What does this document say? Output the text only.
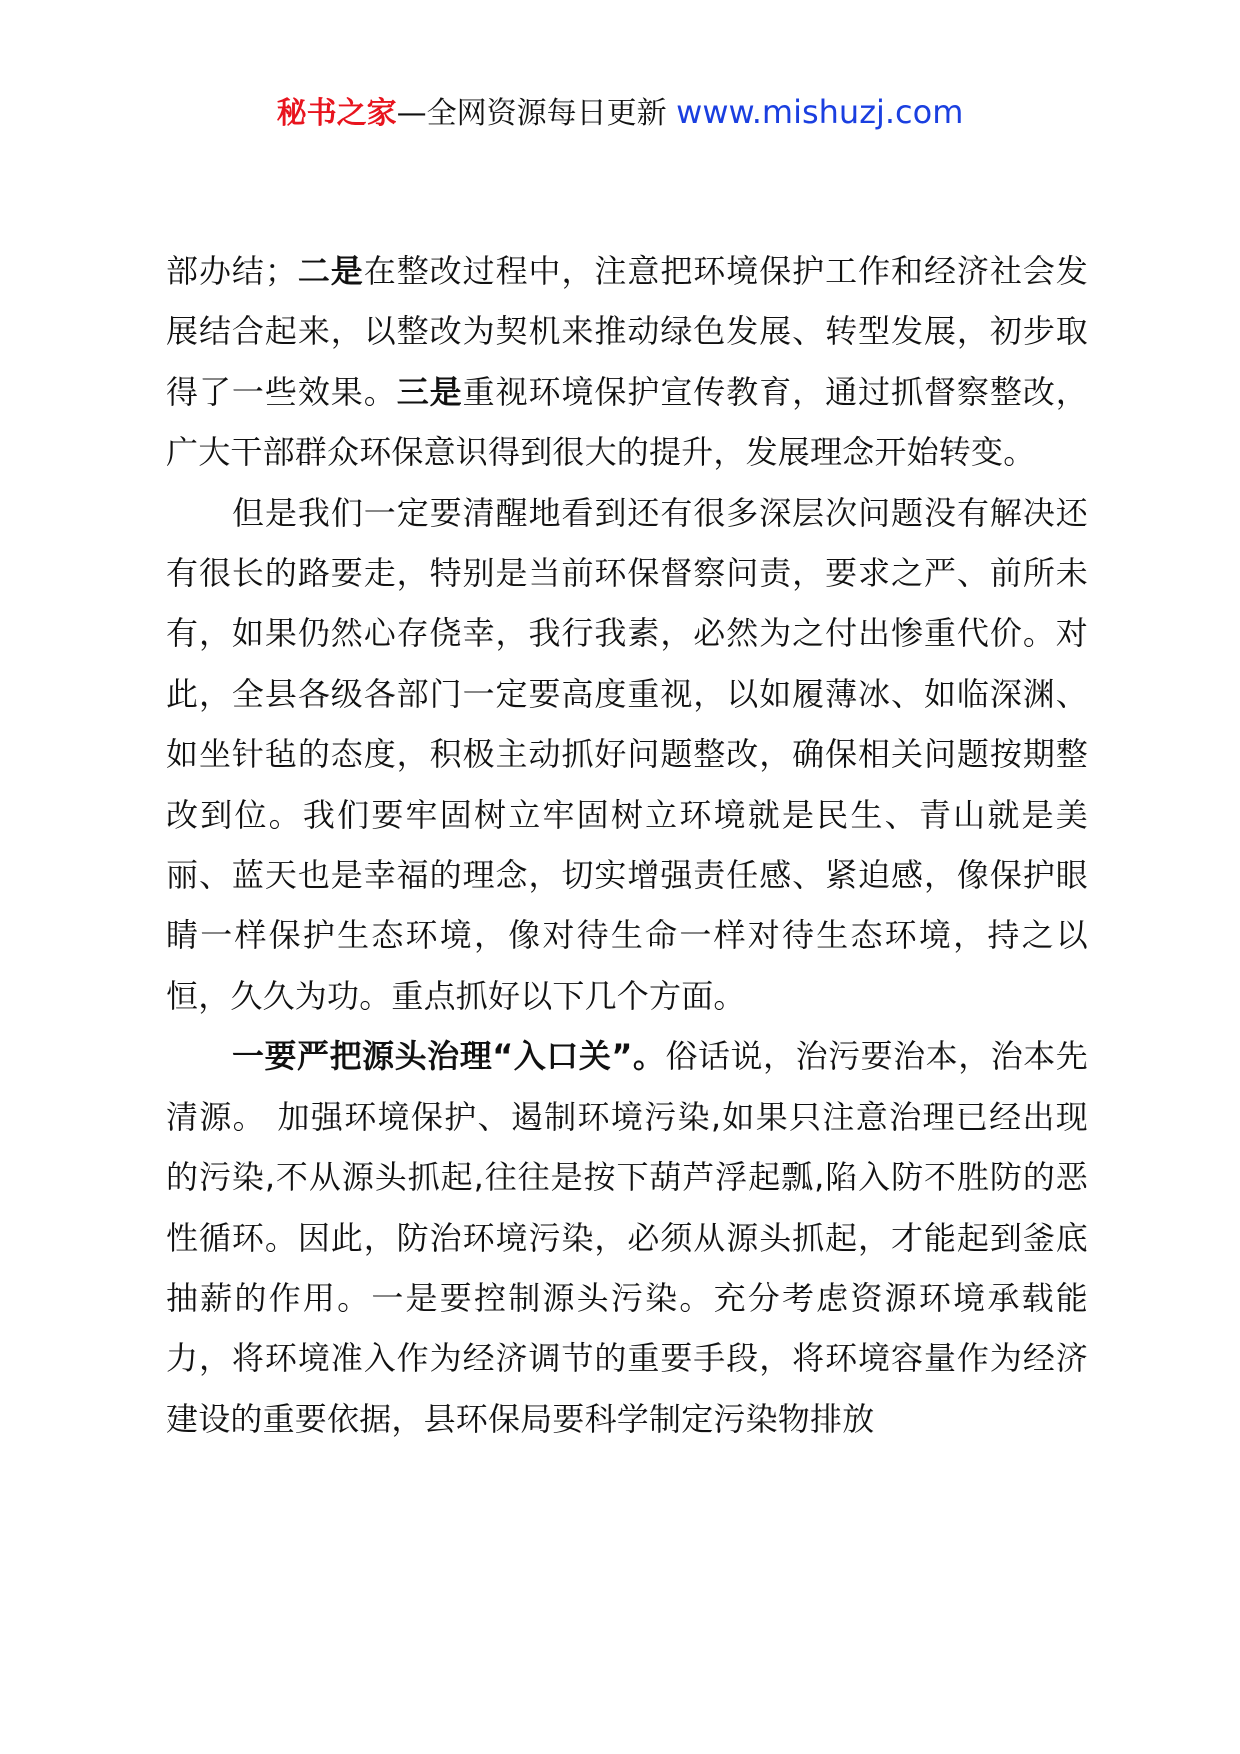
秘书之家—全网资源每日更新 www.mishuzj.com

部办结；二是在整改过程中，注意把环境保护工作和经济社会发展结合起来，以整改为契机来推动绿色发展、转型发展，初步取得了一些效果。三是重视环境保护宣传教育，通过抓督察整改，广大干部群众环保意识得到很大的提升，发展理念开始转变。

但是我们一定要清醒地看到还有很多深层次问题没有解决还有很长的路要走，特别是当前环保督察问责，要求之严、前所未有，如果仍然心存侥幸，我行我素，必然为之付出惨重代价。对此，全县各级各部门一定要高度重视，以如履薄冰、如临深渊、如坐针毡的态度，积极主动抓好问题整改，确保相关问题按期整改到位。我们要牢固树立牢固树立环境就是民生、青山就是美丽、蓝天也是幸福的理念，切实增强责任感、紧迫感，像保护眼睛一样保护生态环境，像对待生命一样对待生态环境，持之以恒，久久为功。重点抓好以下几个方面。

一要严把源头治理“入口关”。俗话说，治污要治本，治本先清源。 加强环境保护、遏制环境污染,如果只注意治理已经出现的污染,不从源头抓起,往往是按下葫芦浮起瓢,陷入防不胜防的恶性循环。因此，防治环境污染，必须从源头抓起，才能起到釜底抽薪的作用。一是要控制源头污染。充分考虑资源环境承载能力，将环境准入作为经济调节的重要手段，将环境容量作为经济建设的重要依据，县环保局要科学制定污染物排放
